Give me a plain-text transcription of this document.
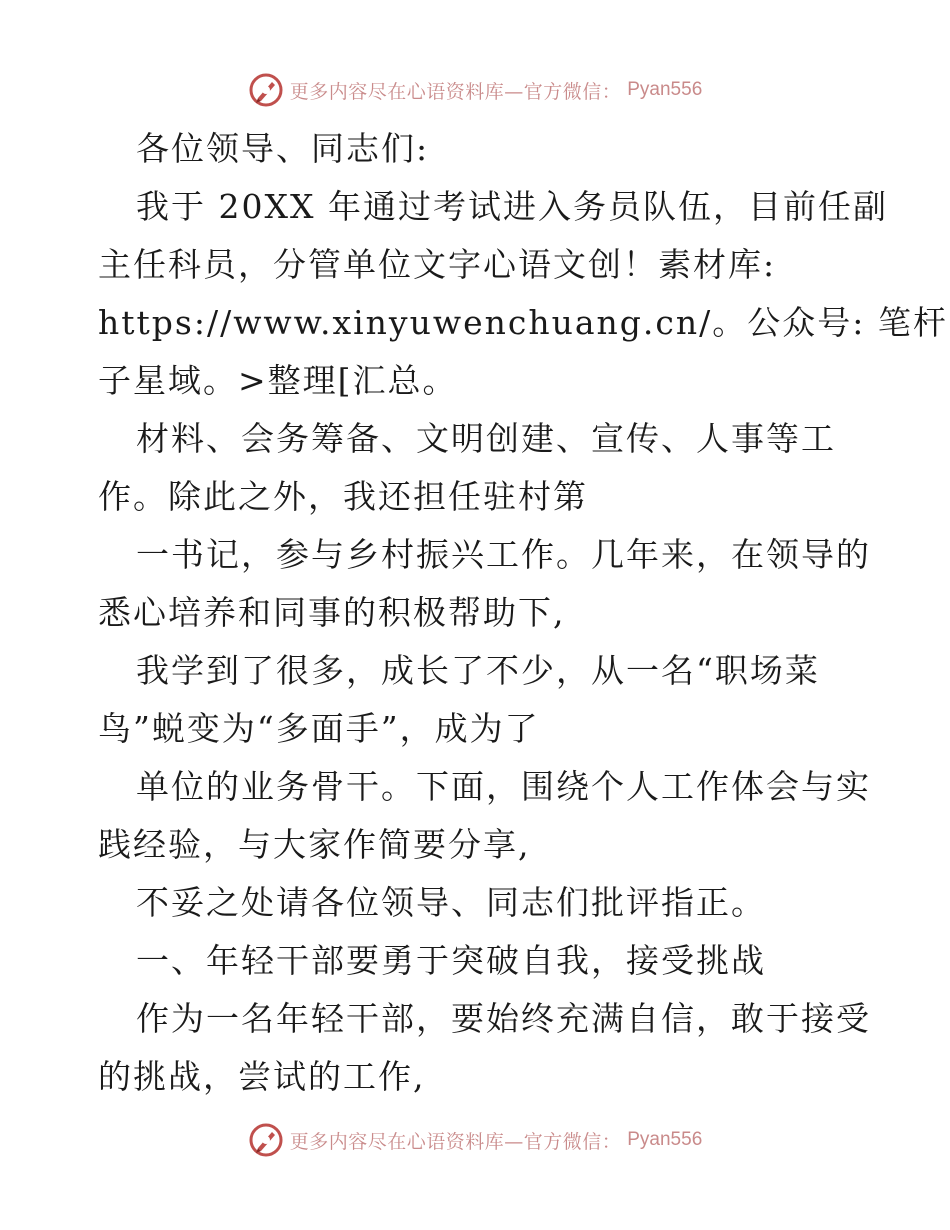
更多内容尽在心语资料库—官方微信： Pyan556
各位领导、同志们:
我于 20XX 年通过考试进入务员队伍，目前任副
主任科员，分管单位文字心语文创！素材库:
https://www.xinyuwenchuang.cn/。公众号: 笔杆
子星域。>整理[汇总。
材料、会务筹备、文明创建、宣传、人事等工
作。除此之外，我还担任驻村第
一书记，参与乡村振兴工作。几年来，在领导的
悉心培养和同事的积极帮助下,
我学到了很多，成长了不少，从一名“职场菜
鸟”蜕变为“多面手”，成为了
单位的业务骨干。下面，围绕个人工作体会与实
践经验，与大家作简要分享,
不妥之处请各位领导、同志们批评指正。
一、年轻干部要勇于突破自我，接受挑战
作为一名年轻干部，要始终充满自信，敢于接受
的挑战，尝试的工作,
更多内容尽在心语资料库—官方微信： Pyan556
